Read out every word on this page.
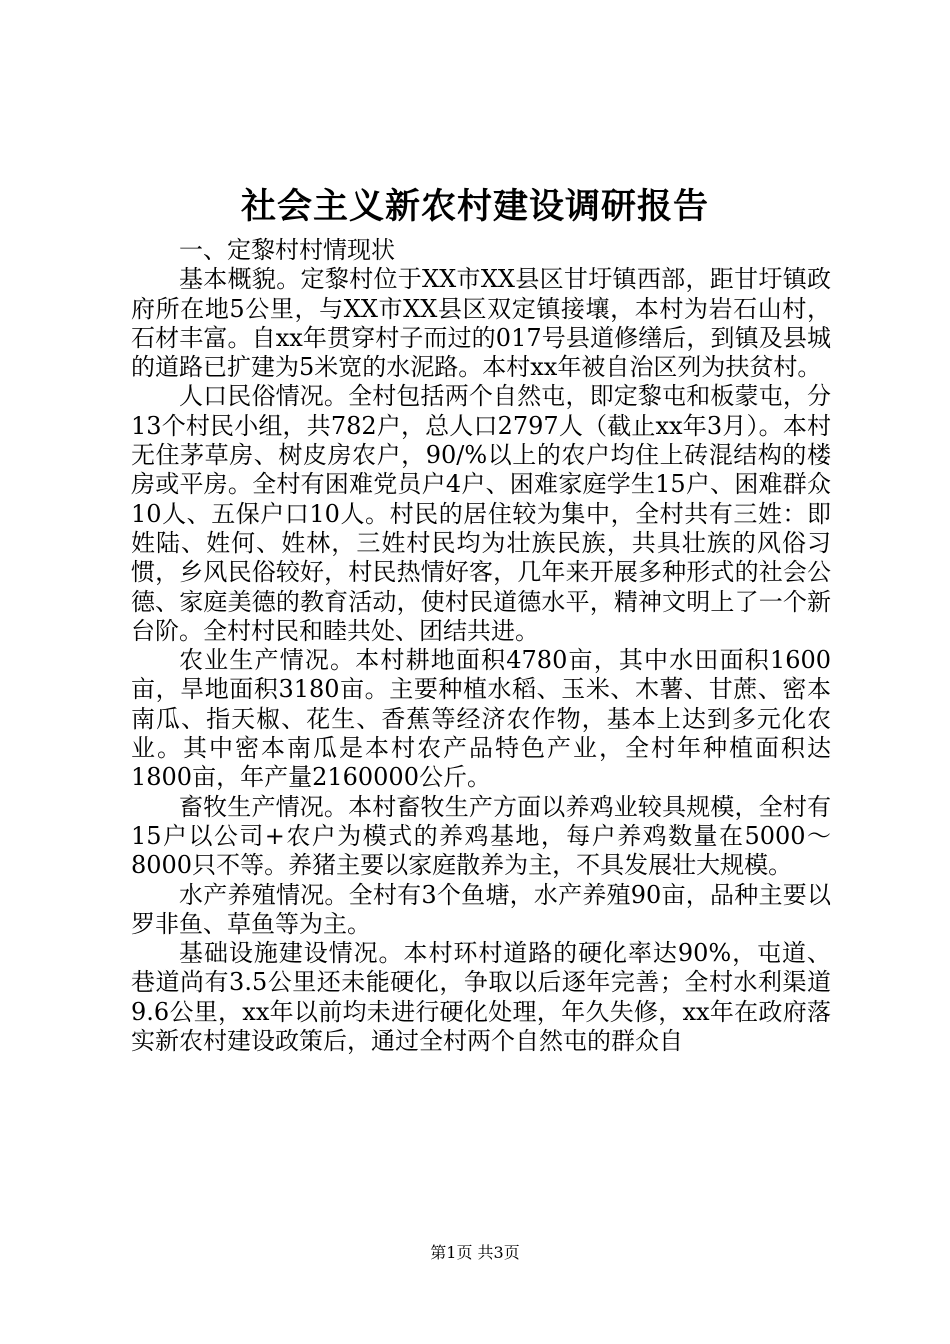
社会主义新农村建设调研报告

一、定黎村村情现状

基本概貌。定黎村位于XX市XX县区甘圩镇西部，距甘圩镇政府所在地5公里，与XX市XX县区双定镇接壤，本村为岩石山村，石材丰富。自xx年贯穿村子而过的017号县道修缮后，到镇及县城的道路已扩建为5米宽的水泥路。本村xx年被自治区列为扶贫村。

人口民俗情况。全村包括两个自然屯，即定黎屯和板蒙屯，分13个村民小组，共782户，总人口2797人（截止xx年3月）。本村无住茅草房、树皮房农户，90/%以上的农户均住上砖混结构的楼房或平房。全村有困难党员户4户、困难家庭学生15户、困难群众10人、五保户口10人。村民的居住较为集中，全村共有三姓：即姓陆、姓何、姓林，三姓村民均为壮族民族，共具壮族的风俗习惯，乡风民俗较好，村民热情好客，几年来开展多种形式的社会公德、家庭美德的教育活动，使村民道德水平，精神文明上了一个新台阶。全村村民和睦共处、团结共进。

农业生产情况。本村耕地面积4780亩，其中水田面积1600亩，旱地面积3180亩。主要种植水稻、玉米、木薯、甘蔗、密本南瓜、指天椒、花生、香蕉等经济农作物，基本上达到多元化农业。其中密本南瓜是本村农产品特色产业，全村年种植面积达1800亩，年产量2160000公斤。

畜牧生产情况。本村畜牧生产方面以养鸡业较具规模，全村有15户以公司+农户为模式的养鸡基地，每户养鸡数量在5000～8000只不等。养猪主要以家庭散养为主，不具发展壮大规模。

水产养殖情况。全村有3个鱼塘，水产养殖90亩，品种主要以罗非鱼、草鱼等为主。

基础设施建设情况。本村环村道路的硬化率达90%，屯道、巷道尚有3.5公里还未能硬化，争取以后逐年完善；全村水利渠道9.6公里，xx年以前均未进行硬化处理，年久失修，xx年在政府落实新农村建设政策后，通过全村两个自然屯的群众自

第1页 共3页
